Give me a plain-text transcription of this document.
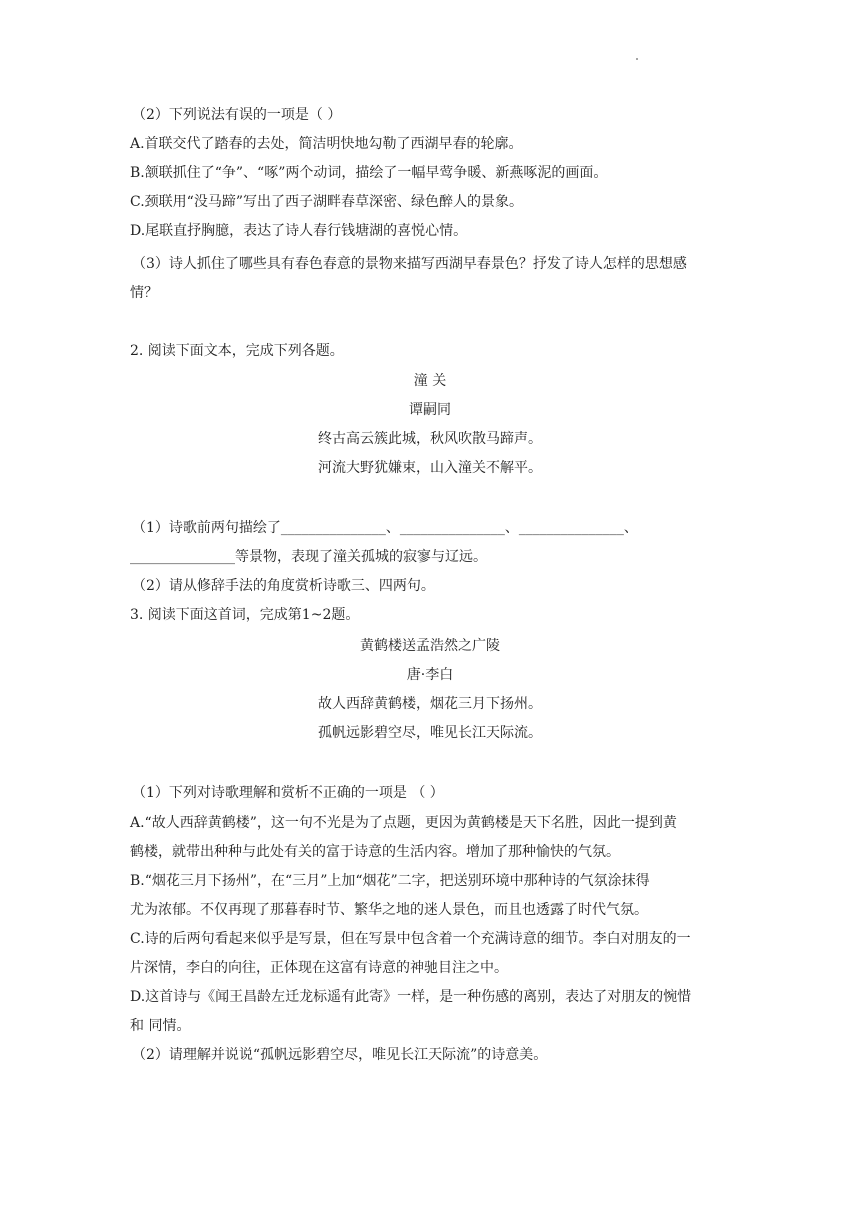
（2）下列说法有误的一项是（ ）

A.首联交代了踏春的去处，简洁明快地勾勒了西湖早春的轮廓。

B.颔联抓住了“争”、“啄”两个动词，描绘了一幅早莺争暖、新燕啄泥的画面。

C.颈联用“没马蹄”写出了西子湖畔春草深密、绿色醉人的景象。

D.尾联直抒胸臆，表达了诗人春行钱塘湖的喜悦心情。

（3）诗人抓住了哪些具有春色春意的景物来描写西湖早春景色？抒发了诗人怎样的思想感

情？

2. 阅读下面文本，完成下列各题。

潼 关

谭嗣同

终古高云簇此城，秋风吹散马蹄声。

河流大野犹嫌束，山入潼关不解平。

（1）诗歌前两句描绘了_______________、_______________、_______________、

_______________等景物，表现了潼关孤城的寂寥与辽远。

（2）请从修辞手法的角度赏析诗歌三、四两句。

3. 阅读下面这首词，完成第1~2题。

黄鹤楼送孟浩然之广陵

唐·李白

故人西辞黄鹤楼，烟花三月下扬州。

孤帆远影碧空尽，唯见长江天际流。

（1）下列对诗歌理解和赏析不正确的一项是 （ ）

A.“故人西辞黄鹤楼”，这一句不光是为了点题，更因为黄鹤楼是天下名胜，因此一提到黄

鹤楼，就带出种种与此处有关的富于诗意的生活内容。增加了那种愉快的气氛。

B.“烟花三月下扬州”，在“三月”上加“烟花”二字，把送别环境中那种诗的气氛涂抹得

尤为浓郁。不仅再现了那暮春时节、繁华之地的迷人景色，而且也透露了时代气氛。

C.诗的后两句看起来似乎是写景，但在写景中包含着一个充满诗意的细节。李白对朋友的一

片深情，李白的向往，正体现在这富有诗意的神驰目注之中。

D.这首诗与《闻王昌龄左迁龙标遥有此寄》一样，是一种伤感的离别，表达了对朋友的惋惜

和 同情。

（2）请理解并说说“孤帆远影碧空尽，唯见长江天际流”的诗意美。
